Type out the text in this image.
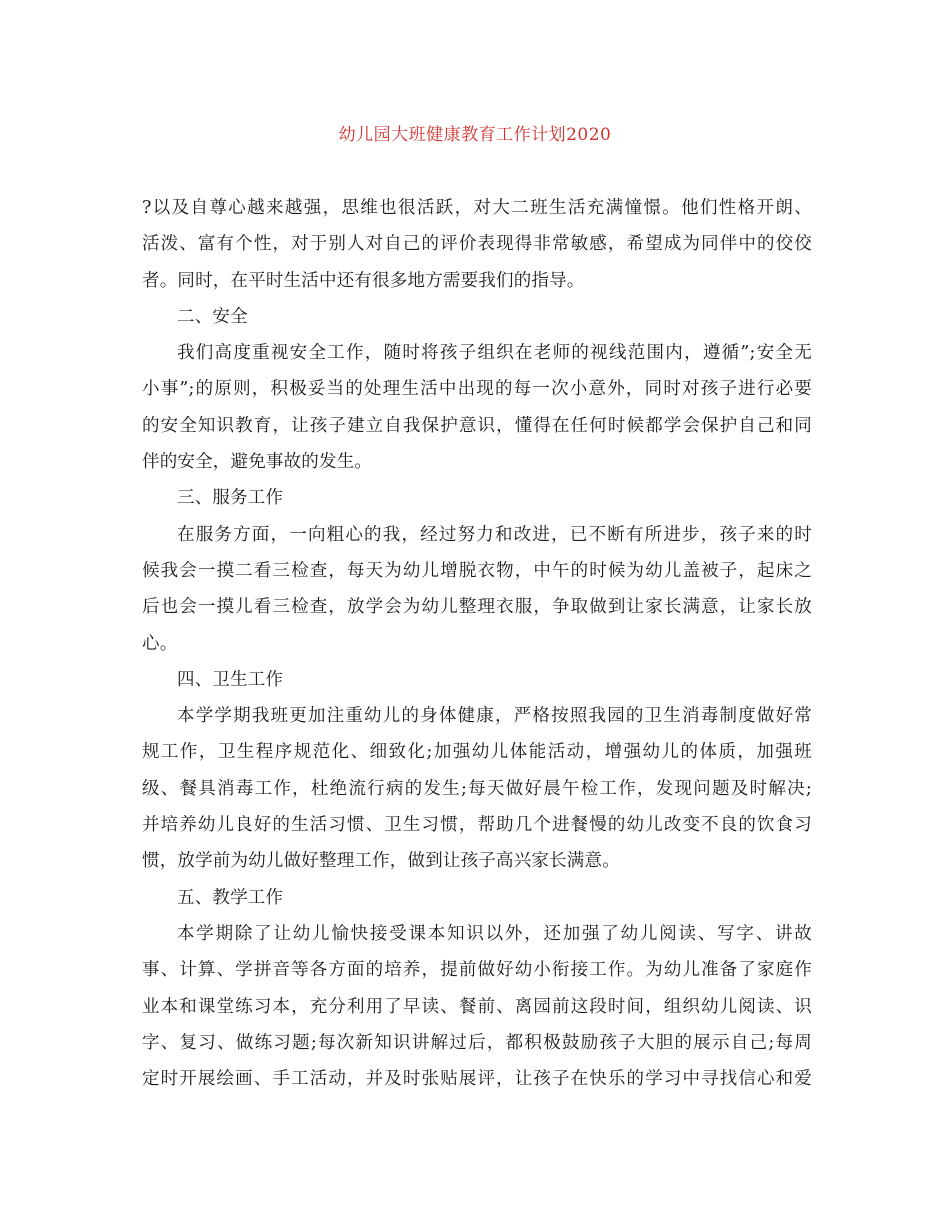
幼儿园大班健康教育工作计划2020
?以及自尊心越来越强，思维也很活跃，对大二班生活充满憧憬。他们性格开朗、
活泼、富有个性，对于别人对自己的评价表现得非常敏感，希望成为同伴中的佼佼
者。同时，在平时生活中还有很多地方需要我们的指导。
二、安全
我们高度重视安全工作，随时将孩子组织在老师的视线范围内，遵循”;安全无
小事”;的原则，积极妥当的处理生活中出现的每一次小意外，同时对孩子进行必要
的安全知识教育，让孩子建立自我保护意识，懂得在任何时候都学会保护自己和同
伴的安全，避免事故的发生。
三、服务工作
在服务方面，一向粗心的我，经过努力和改进，已不断有所进步，孩子来的时
候我会一摸二看三检查，每天为幼儿增脱衣物，中午的时候为幼儿盖被子，起床之
后也会一摸儿看三检查，放学会为幼儿整理衣服，争取做到让家长满意，让家长放
心。
四、卫生工作
本学学期我班更加注重幼儿的身体健康，严格按照我园的卫生消毒制度做好常
规工作，卫生程序规范化、细致化;加强幼儿体能活动，增强幼儿的体质，加强班
级、餐具消毒工作，杜绝流行病的发生;每天做好晨午检工作，发现问题及时解决;
并培养幼儿良好的生活习惯、卫生习惯，帮助几个进餐慢的幼儿改变不良的饮食习
惯，放学前为幼儿做好整理工作，做到让孩子高兴家长满意。
五、教学工作
本学期除了让幼儿愉快接受课本知识以外，还加强了幼儿阅读、写字、讲故
事、计算、学拼音等各方面的培养，提前做好幼小衔接工作。为幼儿准备了家庭作
业本和课堂练习本，充分利用了早读、餐前、离园前这段时间，组织幼儿阅读、识
字、复习、做练习题;每次新知识讲解过后，都积极鼓励孩子大胆的展示自己;每周
定时开展绘画、手工活动，并及时张贴展评，让孩子在快乐的学习中寻找信心和爱
